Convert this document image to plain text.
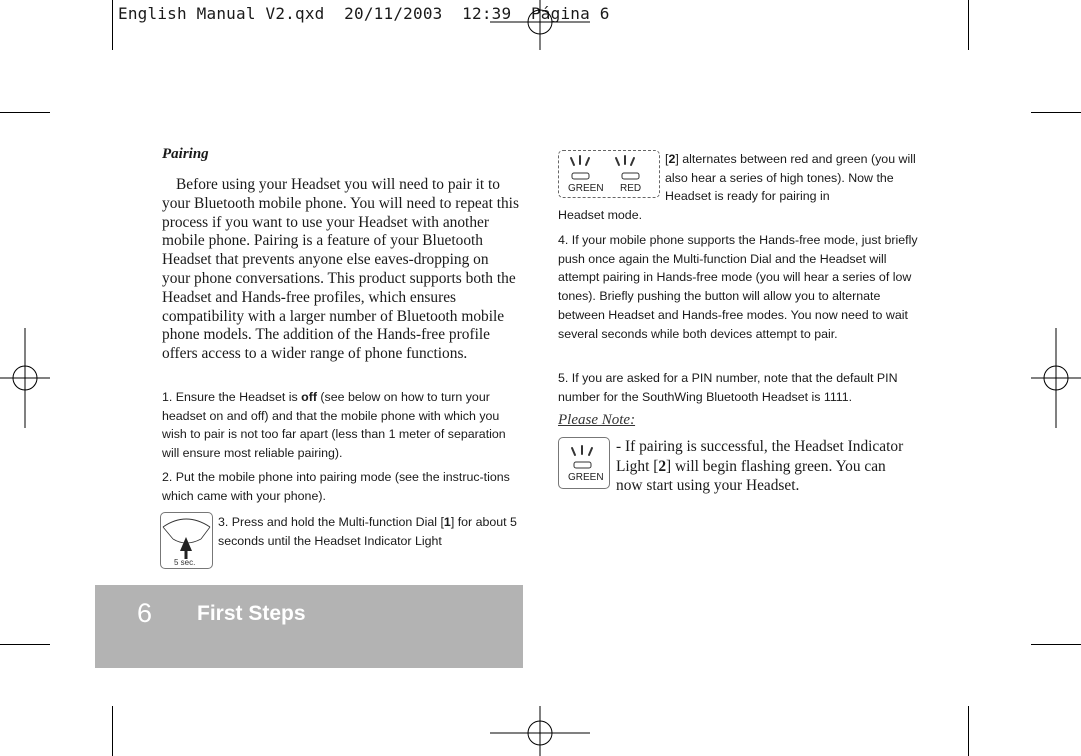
English Manual V2.qxd  20/11/2003  12:39  Página 6
Pairing
Before using your Headset you will need to pair it to your Bluetooth mobile phone. You will need to repeat this process if you want to use your Headset with another mobile phone. Pairing is a feature of your Bluetooth Headset that prevents anyone else eaves-dropping on your phone conversations. This product supports both the Headset and Hands-free profiles, which ensures compatibility with a larger number of Bluetooth mobile phone models. The addition of the Hands-free profile offers access to a wider range of phone functions.
1. Ensure the Headset is off (see below on how to turn your headset on and off) and that the mobile phone with which you wish to pair is not too far apart (less than 1 meter of separation will ensure most reliable pairing).
2. Put the mobile phone into pairing mode (see the instruc-tions which came with your phone).
5 sec.
3. Press and hold the Multi-function Dial [1] for about 5 seconds until the Headset Indicator Light
6 First Steps
GREEN RED
[2] alternates between red and green (you will also hear a series of high tones). Now the Headset is ready for pairing in
Headset mode.
4. If your mobile phone supports the Hands-free mode, just briefly push once again the Multi-function Dial and the Headset will attempt pairing in Hands-free mode (you will hear a series of low tones). Briefly pushing the button will allow you to alternate between Headset and Hands-free modes. You now need to wait several seconds while both devices attempt to pair.
5. If you are asked for a PIN number, note that the default PIN number for the SouthWing Bluetooth Headset is 1111.
Please Note:
GREEN
- If pairing is successful, the Headset Indicator Light [2] will begin flashing green. You can now start using your Headset.
